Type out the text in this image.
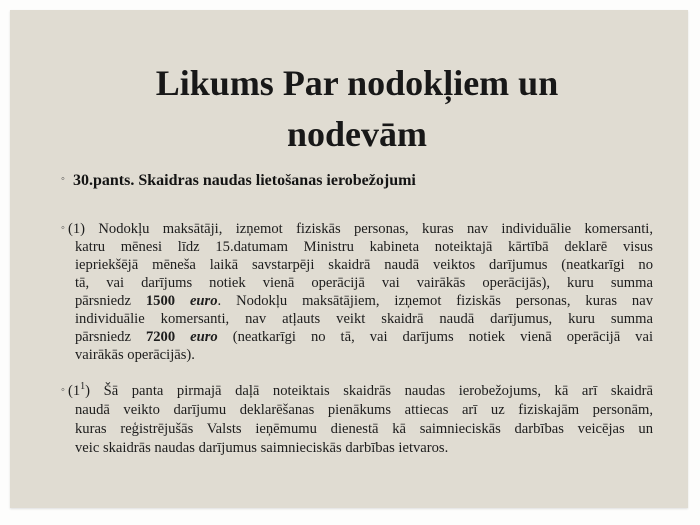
Likums Par nodokļiem un
nodevām
◦ 30.pants. Skaidras naudas lietošanas ierobežojumi
◦ (1) Nodokļu maksātāji, izņemot fiziskās personas, kuras nav individuālie komersanti,
katru mēnesi līdz 15.datumam Ministru kabineta noteiktajā kārtībā deklarē visus
iepriekšējā mēneša laikā savstarpēji skaidrā naudā veiktos darījumus (neatkarīgi no
tā, vai darījums notiek vienā operācijā vai vairākās operācijās), kuru summa
pārsniedz 1500 euro. Nodokļu maksātājiem, izņemot fiziskās personas, kuras nav
individuālie komersanti, nav atļauts veikt skaidrā naudā darījumus, kuru summa
pārsniedz 7200 euro (neatkarīgi no tā, vai darījums notiek vienā operācijā vai
vairākās operācijās).
◦ $(1^1)$ Šā panta pirmajā daļā noteiktais skaidrās naudas ierobežojums, kā arī skaidrā
naudā veikto darījumu deklarēšanas pienākums attiecas arī uz fiziskajām personām,
kuras reģistrējušās Valsts ieņēmumu dienestā kā saimnieciskās darbības veicējas un
veic skaidrās naudas darījumus saimnieciskās darbības ietvaros.
